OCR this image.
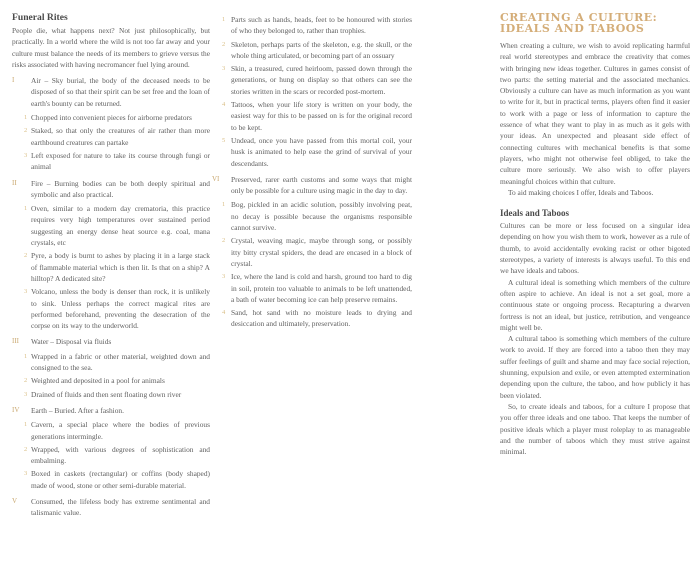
Funeral Rites

People die, what happens next? Not just philosophically, but practically. In a world where the wild is not too far away and your culture must balance the needs of its members to grieve versus the risks associated with having necromancer fuel lying around.

I Air – Sky burial, the body of the deceased needs to be disposed of so that their spirit can be set free and the loan of earth's bounty can be returned.
1 Chopped into convenient pieces for airborne predators
2 Staked, so that only the creatures of air rather than more earthbound creatures can partake
3 Left exposed for nature to take its course through fungi or animal
II Fire – Burning bodies can be both deeply spiritual and symbolic and also practical.
1 Oven, similar to a modern day crematoria, this practice requires very high temperatures over sustained period suggesting an energy dense heat source e.g. coal, mana crystals, etc
2 Pyre, a body is burnt to ashes by placing it in a large stack of flammable material which is then lit. Is that on a ship? A hilltop? A dedicated site?
3 Volcano, unless the body is denser than rock, it is unlikely to sink. Unless perhaps the correct magical rites are performed beforehand, preventing the desecration of the corpse on its way to the underworld.
III Water – Disposal via fluids
1 Wrapped in a fabric or other material, weighted down and consigned to the sea.
2 Weighted and deposited in a pool for animals
3 Drained of fluids and then sent floating down river
IV Earth – Buried. After a fashion.
1 Cavern, a special place where the bodies of previous generations intermingle.
2 Wrapped, with various degrees of sophistication and embalming.
3 Boxed in caskets (rectangular) or coffins (body shaped) made of wood, stone or other semi-durable material.
V Consumed, the lifeless body has extreme sentimental and talismanic value.
1 Parts such as hands, heads, feet to be honoured with stories of who they belonged to, rather than trophies.
2 Skeleton, perhaps parts of the skeleton, e.g. the skull, or the whole thing articulated, or becoming part of an ossuary
3 Skin, a treasured, cured heirloom, passed down through the generations, or hung on display so that others can see the stories written in the scars or recorded post-mortem.
4 Tattoos, when your life story is written on your body, the easiest way for this to be passed on is for the original record to be kept.
5 Undead, once you have passed from this mortal coil, your husk is animated to help ease the grind of survival of your descendants.
VI Preserved, rarer earth customs and some ways that might only be possible for a culture using magic in the day to day.
1 Bog, pickled in an acidic solution, possibly involving peat, no decay is possible because the organisms responsible cannot survive.
2 Crystal, weaving magic, maybe through song, or possibly itty bitty crystal spiders, the dead are encased in a block of crystal.
3 Ice, where the land is cold and harsh, ground too hard to dig in soil, protein too valuable to animals to be left unattended, a bath of water becoming ice can help preserve remains.
4 Sand, hot sand with no moisture leads to drying and desiccation and ultimately, preservation.
CREATING A CULTURE:
IDEALS AND TABOOS

When creating a culture, we wish to avoid replicating harmful real world stereotypes and embrace the creativity that comes with bringing new ideas together. Cultures in games consist of two parts: the setting material and the associated mechanics. Obviously a culture can have as much information as you want to write for it, but in practical terms, players often find it easier to work with a page or less of information to capture the essence of what they want to play in as much as it gels with your ideas. An unexpected and pleasant side effect of connecting cultures with mechanical benefits is that some players, who might not otherwise feel obliged, to take the culture more seriously. We also wish to offer players meaningful choices within that culture.

To aid making choices I offer, Ideals and Taboos.

Ideals and Taboos

Cultures can be more or less focused on a singular idea depending on how you wish them to work, however as a rule of thumb, to avoid accidentally evoking racist or other bigoted stereotypes, a variety of interests is always useful. To this end we have ideals and taboos.

A cultural ideal is something which members of the culture often aspire to achieve. An ideal is not a set goal, more a continuous state or ongoing process. Recapturing a dwarven fortress is not an ideal, but justice, retribution, and vengeance might well be.

A cultural taboo is something which members of the culture work to avoid. If they are forced into a taboo then they may suffer feelings of guilt and shame and may face social rejection, shunning, expulsion and exile, or even attempted extermination depending upon the culture, the taboo, and how publicly it has been violated.

So, to create ideals and taboos, for a culture I propose that you offer three ideals and one taboo. That keeps the number of positive ideals which a player must roleplay to as manageable and the number of taboos which they must strive against minimal.
